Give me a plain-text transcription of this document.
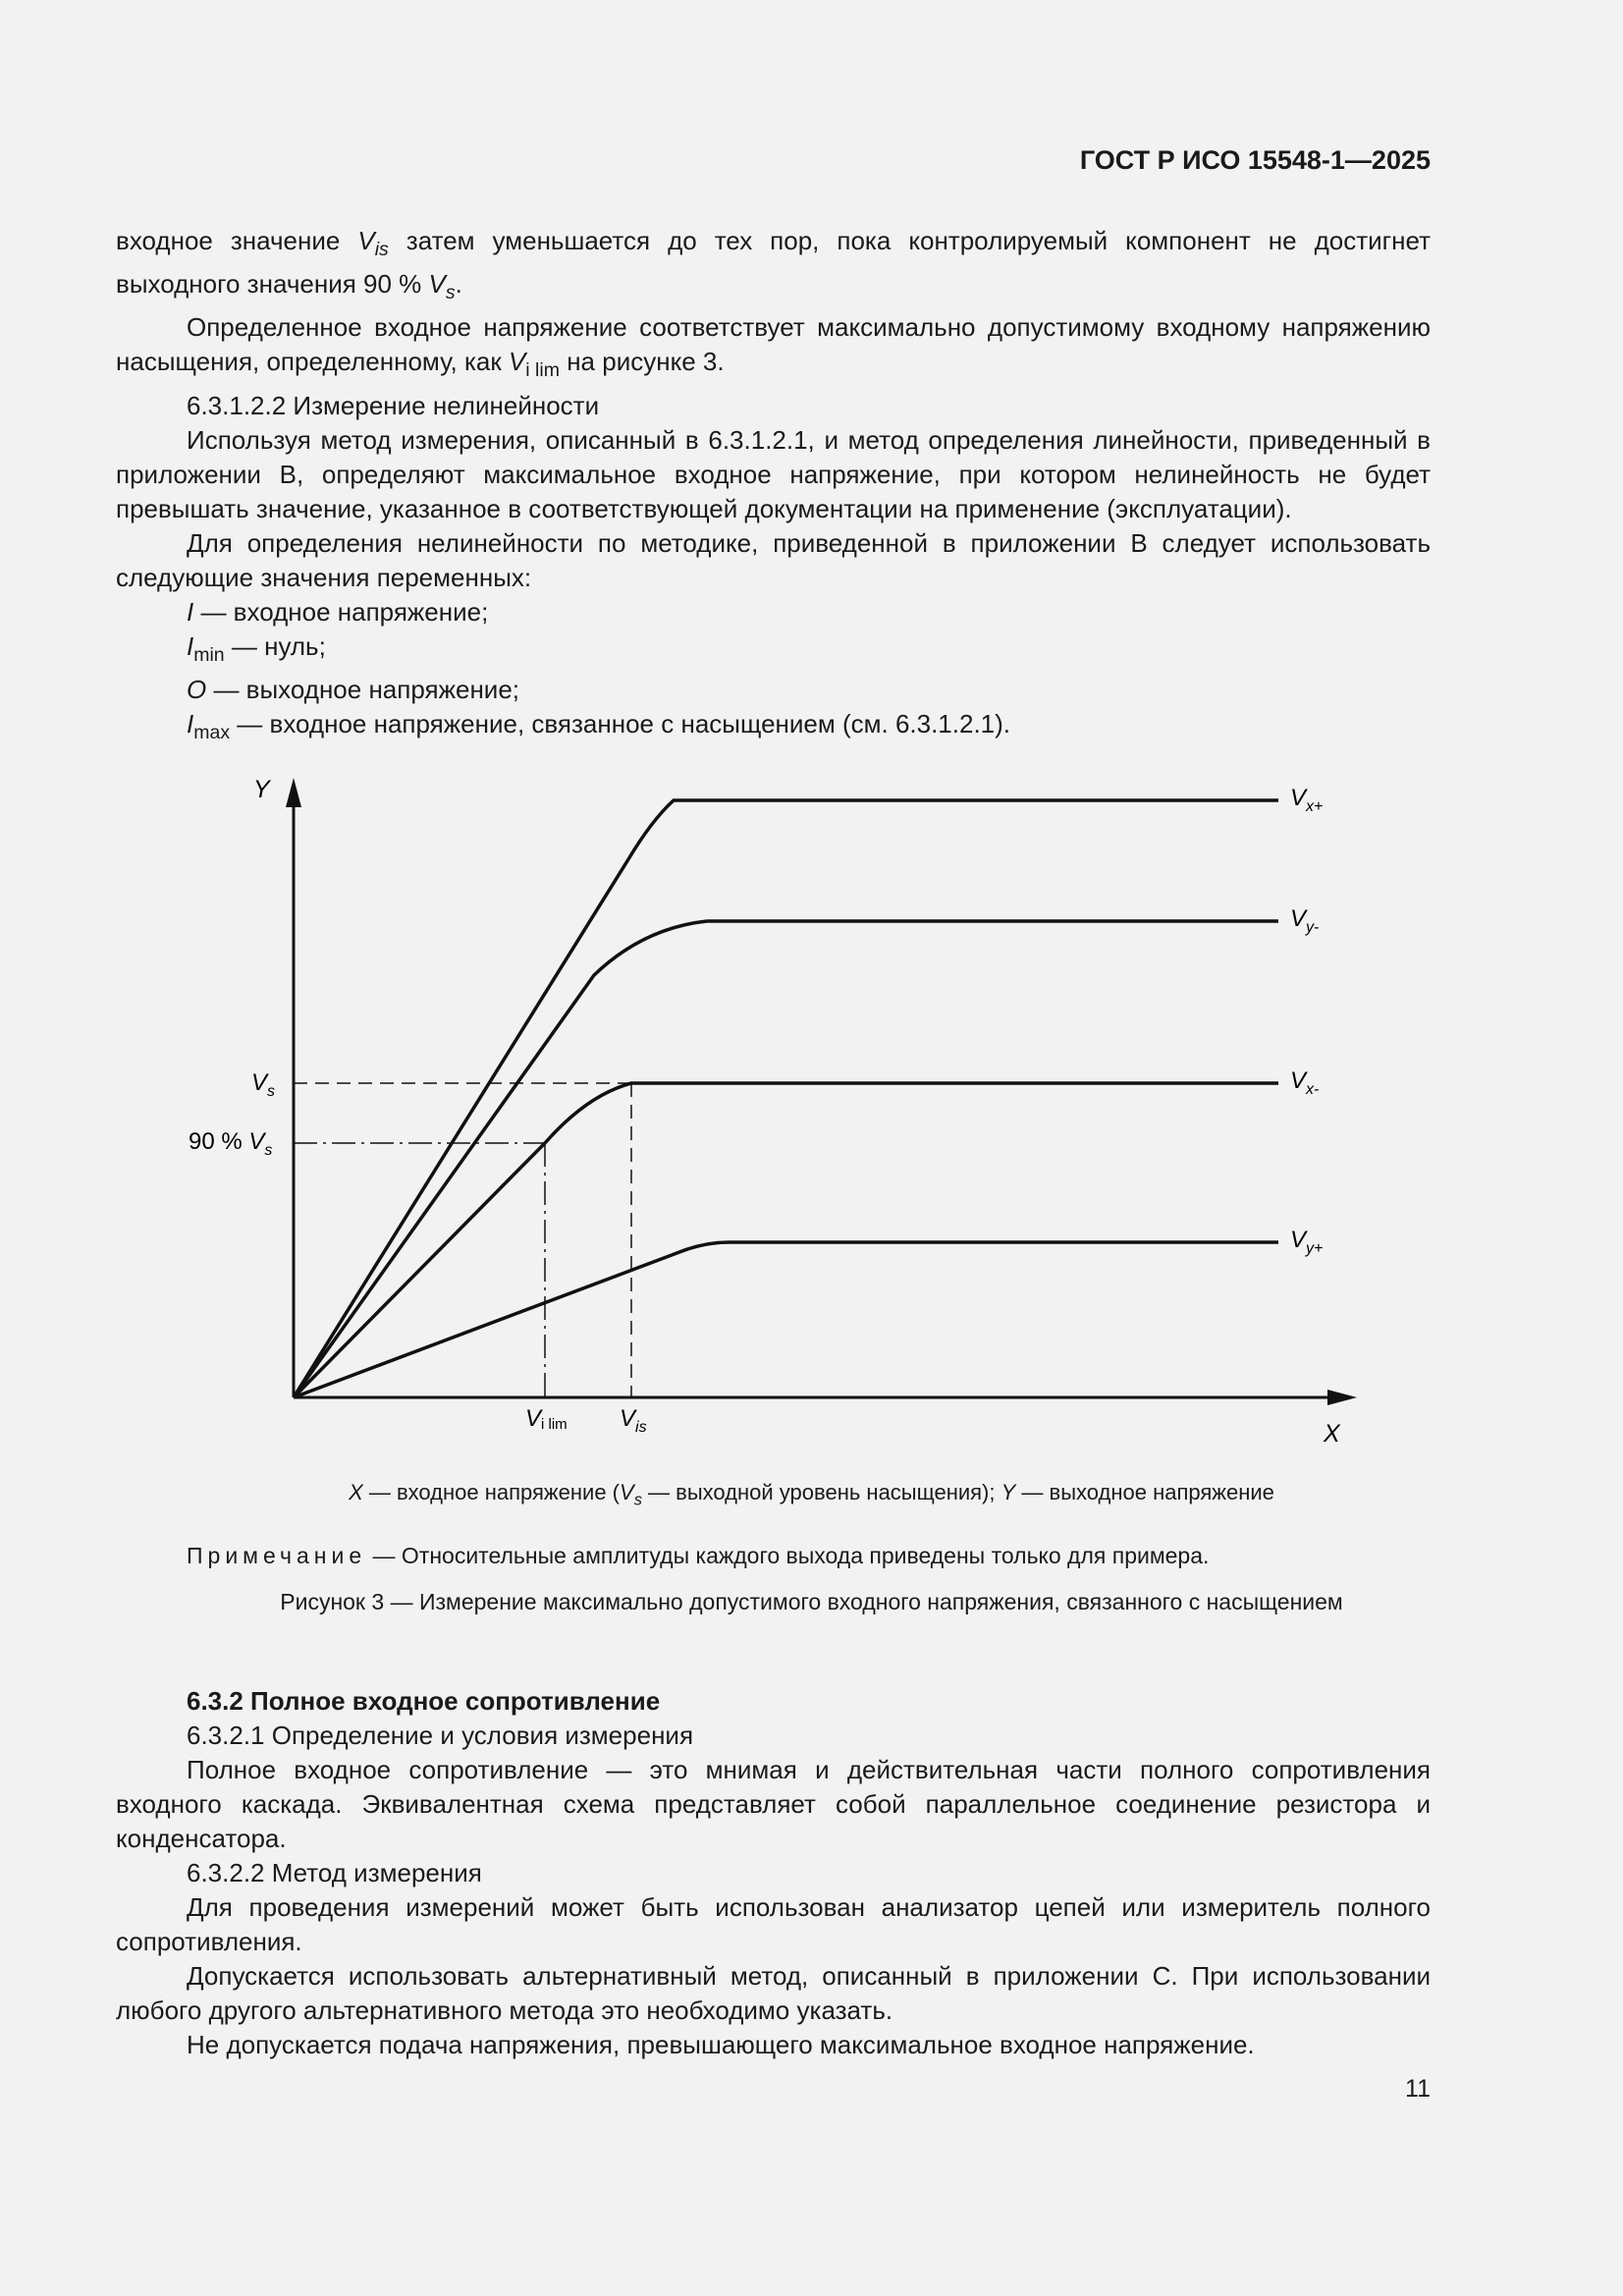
ГОСТ Р ИСО 15548-1—2025

входное значение $V_{is}$ затем уменьшается до тех пор, пока контролируемый компонент не достигнет выходного значения 90 % $V_s$.

Определенное входное напряжение соответствует максимально допустимому входному напряжению насыщения, определенному, как $V_{i lim}$ на рисунке 3.

6.3.1.2.2 Измерение нелинейности

Используя метод измерения, описанный в 6.3.1.2.1, и метод определения линейности, приведенный в приложении В, определяют максимальное входное напряжение, при котором нелинейность не будет превышать значение, указанное в соответствующей документации на применение (эксплуатации).

Для определения нелинейности по методике, приведенной в приложении В следует использовать следующие значения переменных:

I — входное напряжение;

$I_{min}$ — нуль;

O — выходное напряжение;

$I_{max}$ — входное напряжение, связанное с насыщением (см. 6.3.1.2.1).

Y
X
$V_s$
90 % $V_s$
Vi $\lim V_{is}$
$V_{x+}$
$V_{y-}$
$V_{x-}$
$V_{y+}$
X — входное напряжение ($V_s$ — выходной уровень насыщения); Y — выходное напряжение
Примечание — Относительные амплитуды каждого выхода приведены только для примера.
Рисунок 3 — Измерение максимально допустимого входного напряжения, связанного с насыщением

6.3.2 Полное входное сопротивление

6.3.2.1 Определение и условия измерения

Полное входное сопротивление — это мнимая и действительная части полного сопротивления входного каскада. Эквивалентная схема представляет собой параллельное соединение резистора и конденсатора.

6.3.2.2 Метод измерения

Для проведения измерений может быть использован анализатор цепей или измеритель полного сопротивления.

Допускается использовать альтернативный метод, описанный в приложении С. При использовании любого другого альтернативного метода это необходимо указать.

Не допускается подача напряжения, превышающего максимальное входное напряжение.

11
